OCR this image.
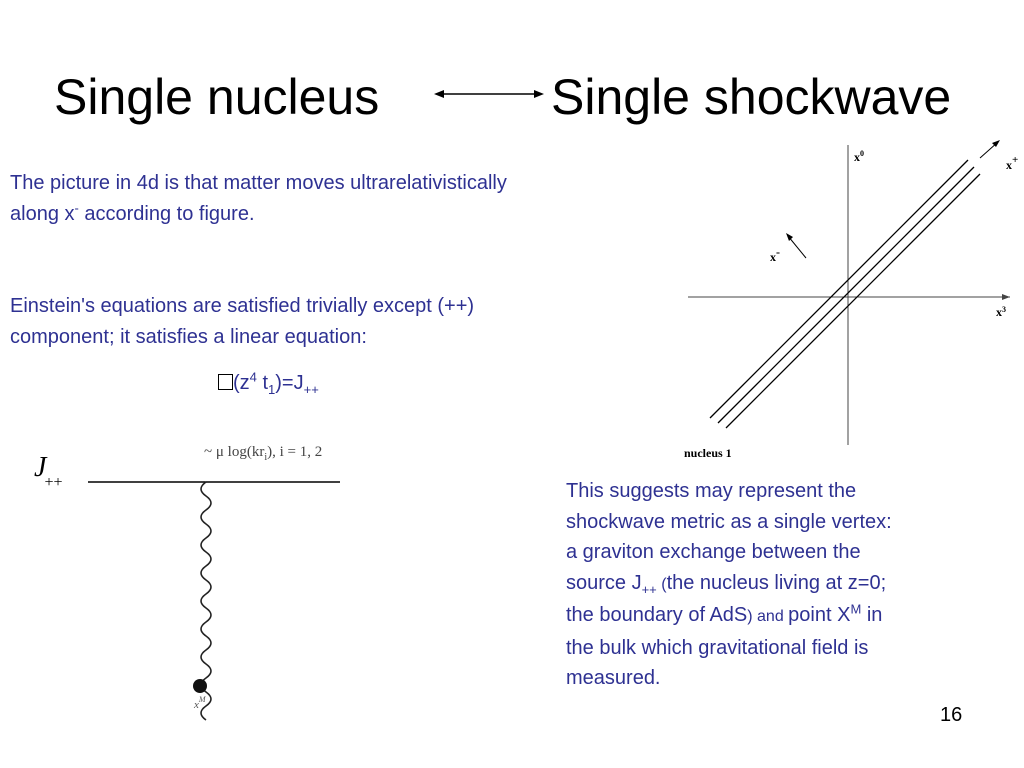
Single nucleus	Single shockwave
The picture in 4d is that matter moves ultrarelativistically
along x- according to figure.
Einstein's equations are satisfied trivially except (++)
component; it satisfies a linear equation:
($z^4$ $t_1)=J_{++}$
This suggests may represent the
shockwave metric as a single vertex:
a graviton exchange between the
source $J_{++}$ (the nucleus living at z=0;
the boundary of AdS) and point $X^M$ in
the bulk which gravitational field is
measured.
$x^0$
x+
x-
$x^3$
nucleus 1
J++
~ μ $\log(kr_i)$, i = 1, 2
$x^M$
16
